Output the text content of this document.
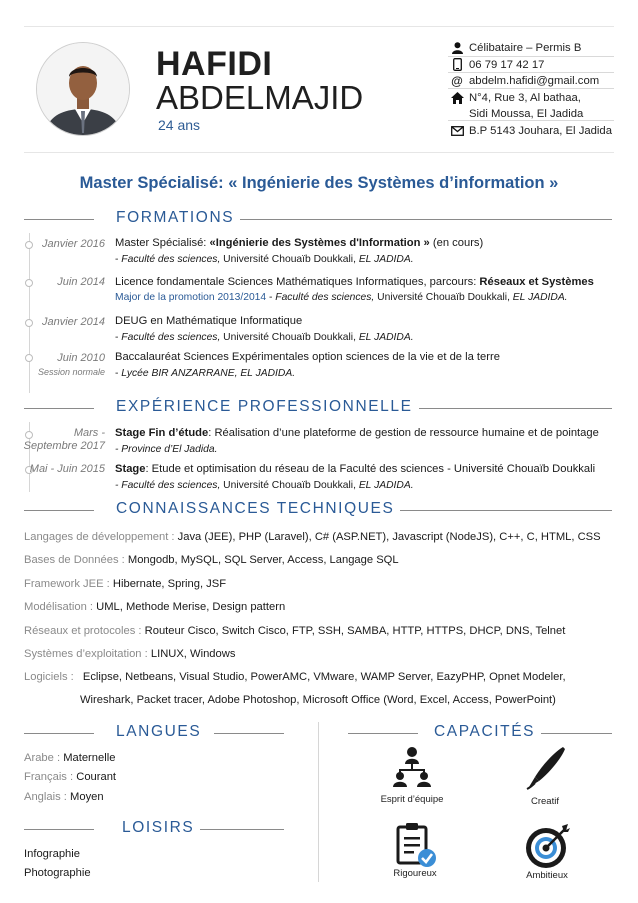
HAFIDI
ABDELMAJID
24 ans
Célibataire – Permis B
06 79 17 42 17
@ abdelm.hafidi@gmail.com
N°4, Rue 3, Al bathaa,
Sidi Moussa, El Jadida
B.P 5143 Jouhara, El Jadida
Master Spécialisé: « Ingénierie des Systèmes d’information »
FORMATIONS
Janvier 2016 Master Spécialisé: «Ingénierie des Systèmes d'Information » (en cours)
- Faculté des sciences, Université Chouaïb Doukkali, EL JADIDA.
Juin 2014 Licence fondamentale Sciences Mathématiques Informatiques, parcours: Réseaux et Systèmes
Major de la promotion 2013/2014 - Faculté des sciences, Université Chouaïb Doukkali, EL JADIDA.
Janvier 2014 DEUG en Mathématique Informatique
- Faculté des sciences, Université Chouaïb Doukkali, EL JADIDA.
Juin 2010
Session normale
Baccalauréat Sciences Expérimentales option sciences de la vie et de la terre
- Lycée BIR ANZARRANE, EL JADIDA.
EXPÉRIENCE PROFESSIONNELLE
Mars -
Septembre 2017
Stage Fin d’étude: Réalisation d’une plateforme de gestion de ressource humaine et de pointage
- Province d’El Jadida.
Mai - Juin 2015 Stage: Etude et optimisation du réseau de la Faculté des sciences - Université Chouaïb Doukkali
- Faculté des sciences, Université Chouaïb Doukkali, EL JADIDA.
CONNAISSANCES TECHNIQUES
Langages de développement : Java (JEE), PHP (Laravel), C# (ASP.NET), Javascript (NodeJS), C++, C, HTML, CSS
Bases de Données : Mongodb, MySQL, SQL Server, Access, Langage SQL
Framework JEE : Hibernate, Spring, JSF
Modélisation : UML, Methode Merise, Design pattern
Réseaux et protocoles : Routeur Cisco, Switch Cisco, FTP, SSH, SAMBA, HTTP, HTTPS, DHCP, DNS, Telnet
Systèmes d’exploitation : LINUX, Windows
Logiciels : Eclipse, Netbeans, Visual Studio, PowerAMC, VMware, WAMP Server, EazyPHP, Opnet Modeler,
Wireshark, Packet tracer, Adobe Photoshop, Microsoft Office (Word, Excel, Access, PowerPoint)
LANGUES
Arabe : Maternelle
Français : Courant
Anglais : Moyen
LOISIRS
Infographie
Photographie
CAPACITÉS
Esprit d’équipe	Creatif
Rigoureux	Ambitieux
